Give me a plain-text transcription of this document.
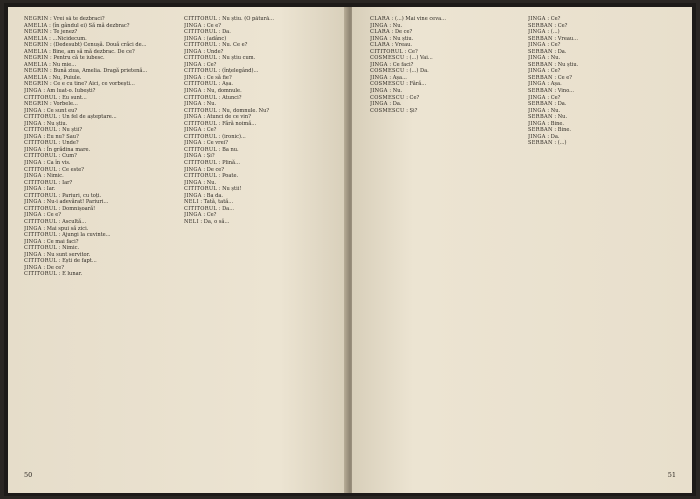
NEGRIN : Vrei să te dezbraci?

AMELIA : (în gândul ei) Să mă dezbrac?

NEGRIN : Te jenez?

AMELIA : ...Nicidecum.

NEGRIN : (Dedesubt) Cenușă. Două crăci de...

AMELIA : Bine, am să mă dezbrac. De ce?

NEGRIN : Pentru că te iubesc.

AMELIA : Nu mie...

NEGRIN : Bună ziua, Amelia. Dragă prietenă...

AMELIA : Nu, Puiule.

NEGRIN : Ce e cu tine? Aici, ce vorbești...

JINGA : Am luat-o. Iubești?

CITITORUL : Eu sunt...

NEGRIN : Vorbele...

JINGA : Ce sunt eu?

CITITORUL : Un fel de așteptare...

JINGA : Nu știu.

CITITORUL : Nu știi?

JINGA : Eu nu? Sau?

CITITORUL : Unde?

JINGA : În grădina mare.

CITITORUL : Cum?

JINGA : Ca în vis.

CITITORUL : Ce este?

JINGA : Nimic.

CITITORUL : Iar?

JINGA : Iar.

CITITORUL : Pariuri, cu toți.

JINGA : Nu-i adevărat! Pariuri...

CITITORUL : Domnișoară!

JINGA : Ce e?

CITITORUL : Ascultă...

JINGA : Mai spui să zici.

CITITORUL : Ajungi la cuvinte...

JINGA : Ce mai faci?

CITITORUL : Nimic.

JINGA : Nu sunt servitor.

CITITORUL : Ești de fapt...

JINGA : De ce?

CITITORUL : E lunar.

CITITORUL : Nu știu. (O pătură...

JINGA : Ce e?

CITITORUL : Da.

JINGA : (adânc)

CITITORUL : Nu. Ce e?

JINGA : Unde?

CITITORUL : Nu știu cum.

JINGA : Ce?

CITITORUL : (înțelegând)...

JINGA : Ce să fie?

CITITORUL : Așa.

JINGA : Nu, domnule.

CITITORUL : Atunci?

JINGA : Nu.

CITITORUL : Nu, domnule. Nu?

JINGA : Atunci de ce vin?

CITITORUL : Fără noimă...

JINGA : Ce?

CITITORUL : (ironic)...

JINGA : Ce vrei?

CITITORUL : Ba nu.

JINGA : Și?

CITITORUL : Plină...

JINGA : De ce?

CITITORUL : Poate.

JINGA : Nu.

CITITORUL : Nu știi!

JINGA : Ba da.

NELI : Tată, tată...

CITITORUL : Da...

JINGA : Ce?

NELI : Da, o să...

50

CLARA : (...) Mai vine ceva...

JINGA : Nu.

CLARA : De ce?

JINGA : Nu știu.

CLARA : Vreau.

CITITORUL : Ce?

COSMESCU : (...) Vai...

JINGA : Ce faci?

COSMESCU : (...) Da.

JINGA : Așa...

COSMESCU : Fără...

JINGA : Nu.

COSMESCU : Ce?

JINGA : Da.

COSMESCU : Și?

JINGA : Ce?

SERBAN : Ce?

JINGA : (...)

SERBAN : Vreau...

JINGA : Ce?

SERBAN : Da.

JINGA : Nu.

SERBAN : Nu știu.

JINGA : Ce?

SERBAN : Ce e?

JINGA : Așa.

SERBAN : Vino...

JINGA : Ce?

SERBAN : Da.

JINGA : Nu.

SERBAN : Nu.

JINGA : Bine.

SERBAN : Bine.

JINGA : Da.

SERBAN : (...)

51
